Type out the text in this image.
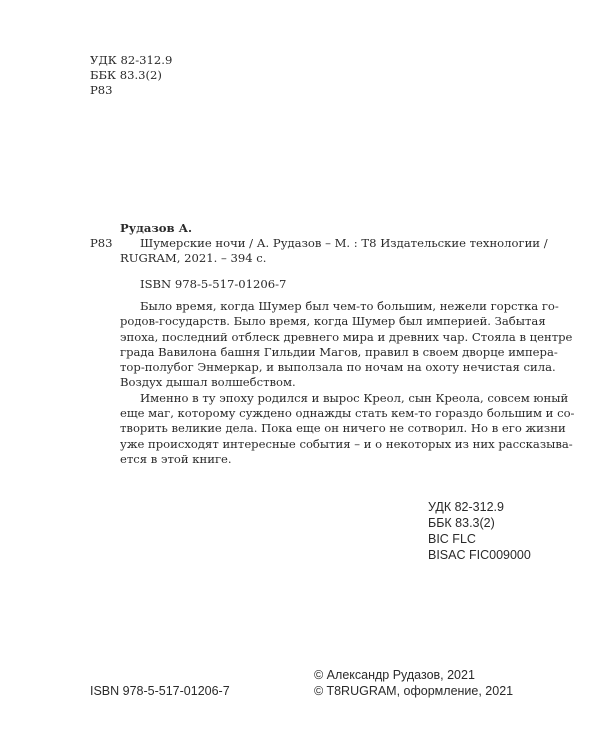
УДК 82-312.9
ББК 83.3(2)
Р83
Рудазов А.
Р83 Шумерские ночи / А. Рудазов – М. : Т8 Издательские технологии /
RUGRAM, 2021. – 394 с.
ISBN 978-5-517-01206-7
Было время, когда Шумер был чем-то большим, нежели горстка го-
родов-государств. Было время, когда Шумер был империей. Забытая
эпоха, последний отблеск древнего мира и древних чар. Стояла в центре
града Вавилона башня Гильдии Магов, правил в своем дворце импера-
тор-полубог Энмеркар, и выползала по ночам на охоту нечистая сила.
Воздух дышал волшебством.
Именно в ту эпоху родился и вырос Креол, сын Креола, совсем юный
еще маг, которому суждено однажды стать кем-то гораздо большим и со-
творить великие дела. Пока еще он ничего не сотворил. Но в его жизни
уже происходят интересные события – и о некоторых из них рассказыва-
ется в этой книге.
УДК 82-312.9
ББК 83.3(2)
BIC FLC
BISAC FIC009000
© Александр Рудазов, 2021
ISBN 978-5-517-01206-7	© T8RUGRAM, оформление, 2021
